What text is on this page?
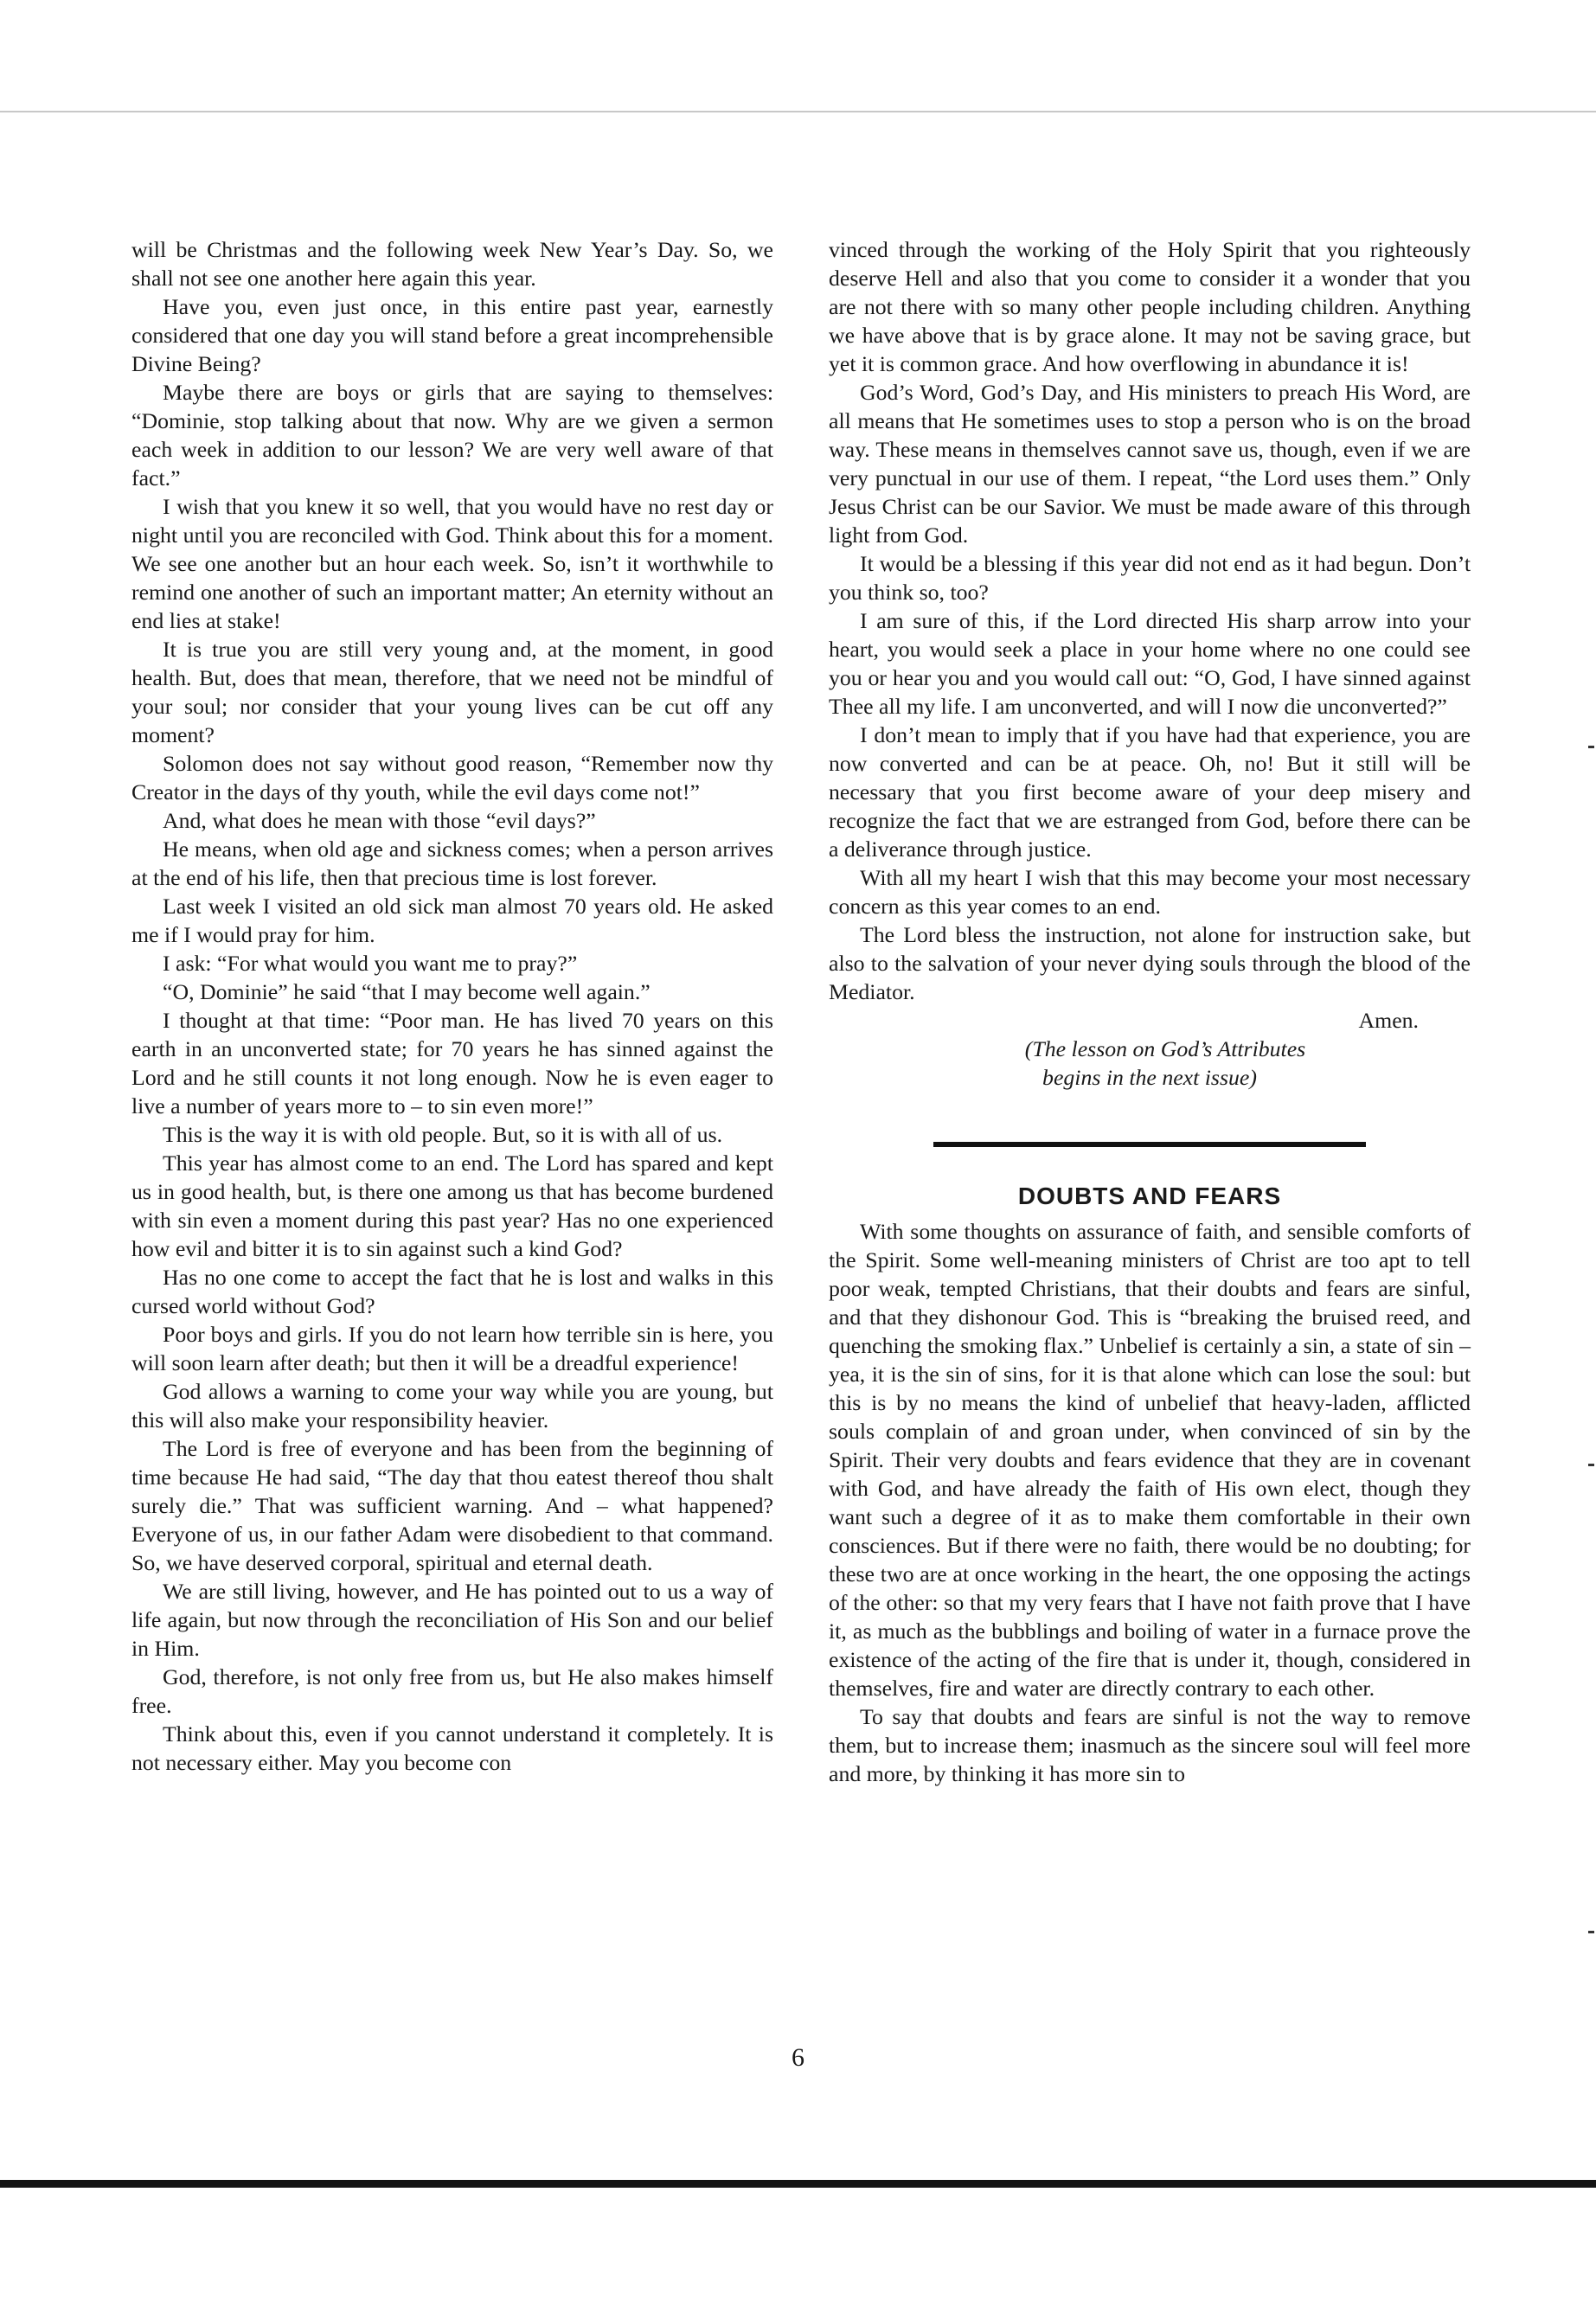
will be Christmas and the following week New Year’s Day. So, we shall not see one another here again this year.

Have you, even just once, in this entire past year, earnestly considered that one day you will stand before a great incomprehensible Divine Being?

Maybe there are boys or girls that are saying to themselves: “Dominie, stop talking about that now. Why are we given a sermon each week in addition to our lesson? We are very well aware of that fact.”

I wish that you knew it so well, that you would have no rest day or night until you are reconciled with God. Think about this for a moment. We see one another but an hour each week. So, isn’t it worthwhile to remind one another of such an important matter; An eternity without an end lies at stake!

It is true you are still very young and, at the moment, in good health. But, does that mean, therefore, that we need not be mindful of your soul; nor consider that your young lives can be cut off any moment?

Solomon does not say without good reason, “Remember now thy Creator in the days of thy youth, while the evil days come not!”

And, what does he mean with those “evil days?”

He means, when old age and sickness comes; when a person arrives at the end of his life, then that precious time is lost forever.

Last week I visited an old sick man almost 70 years old. He asked me if I would pray for him.

I ask: “For what would you want me to pray?”

“O, Dominie” he said “that I may become well again.”

I thought at that time: “Poor man. He has lived 70 years on this earth in an unconverted state; for 70 years he has sinned against the Lord and he still counts it not long enough. Now he is even eager to live a number of years more to – to sin even more!”

This is the way it is with old people. But, so it is with all of us.

This year has almost come to an end. The Lord has spared and kept us in good health, but, is there one among us that has become burdened with sin even a moment during this past year? Has no one experienced how evil and bitter it is to sin against such a kind God?

Has no one come to accept the fact that he is lost and walks in this cursed world without God?

Poor boys and girls. If you do not learn how terrible sin is here, you will soon learn after death; but then it will be a dreadful experience!

God allows a warning to come your way while you are young, but this will also make your responsibility heavier.

The Lord is free of everyone and has been from the beginning of time because He had said, “The day that thou eatest thereof thou shalt surely die.” That was sufficient warning. And – what happened? Everyone of us, in our father Adam were disobedient to that command. So, we have deserved corporal, spiritual and eternal death.

We are still living, however, and He has pointed out to us a way of life again, but now through the reconciliation of His Son and our belief in Him.

God, therefore, is not only free from us, but He also makes himself free.

Think about this, even if you cannot understand it completely. It is not necessary either. May you become con

vinced through the working of the Holy Spirit that you righteously deserve Hell and also that you come to consider it a wonder that you are not there with so many other people including children. Anything we have above that is by grace alone. It may not be saving grace, but yet it is common grace. And how overflowing in abundance it is!

God’s Word, God’s Day, and His ministers to preach His Word, are all means that He sometimes uses to stop a person who is on the broad way. These means in themselves cannot save us, though, even if we are very punctual in our use of them. I repeat, “the Lord uses them.” Only Jesus Christ can be our Savior. We must be made aware of this through light from God.

It would be a blessing if this year did not end as it had begun. Don’t you think so, too?

I am sure of this, if the Lord directed His sharp arrow into your heart, you would seek a place in your home where no one could see you or hear you and you would call out: “O, God, I have sinned against Thee all my life. I am unconverted, and will I now die unconverted?”

I don’t mean to imply that if you have had that experience, you are now converted and can be at peace. Oh, no! But it still will be necessary that you first become aware of your deep misery and recognize the fact that we are estranged from God, before there can be a deliverance through justice.

With all my heart I wish that this may become your most necessary concern as this year comes to an end.

The Lord bless the instruction, not alone for instruction sake, but also to the salvation of your never dying souls through the blood of the Mediator.

Amen.

(The lesson on God’s Attributes
begins in the next issue)

DOUBTS AND FEARS

With some thoughts on assurance of faith, and sensible comforts of the Spirit. Some well-meaning ministers of Christ are too apt to tell poor weak, tempted Christians, that their doubts and fears are sinful, and that they dishonour God. This is “breaking the bruised reed, and quenching the smoking flax.” Unbelief is certainly a sin, a state of sin – yea, it is the sin of sins, for it is that alone which can lose the soul: but this is by no means the kind of unbelief that heavy-laden, afflicted souls complain of and groan under, when convinced of sin by the Spirit. Their very doubts and fears evidence that they are in covenant with God, and have already the faith of His own elect, though they want such a degree of it as to make them comfortable in their own consciences. But if there were no faith, there would be no doubting; for these two are at once working in the heart, the one opposing the actings of the other: so that my very fears that I have not faith prove that I have it, as much as the bubblings and boiling of water in a furnace prove the existence of the acting of the fire that is under it, though, considered in themselves, fire and water are directly contrary to each other.

To say that doubts and fears are sinful is not the way to remove them, but to increase them; inasmuch as the sincere soul will feel more and more, by thinking it has more sin to

6
